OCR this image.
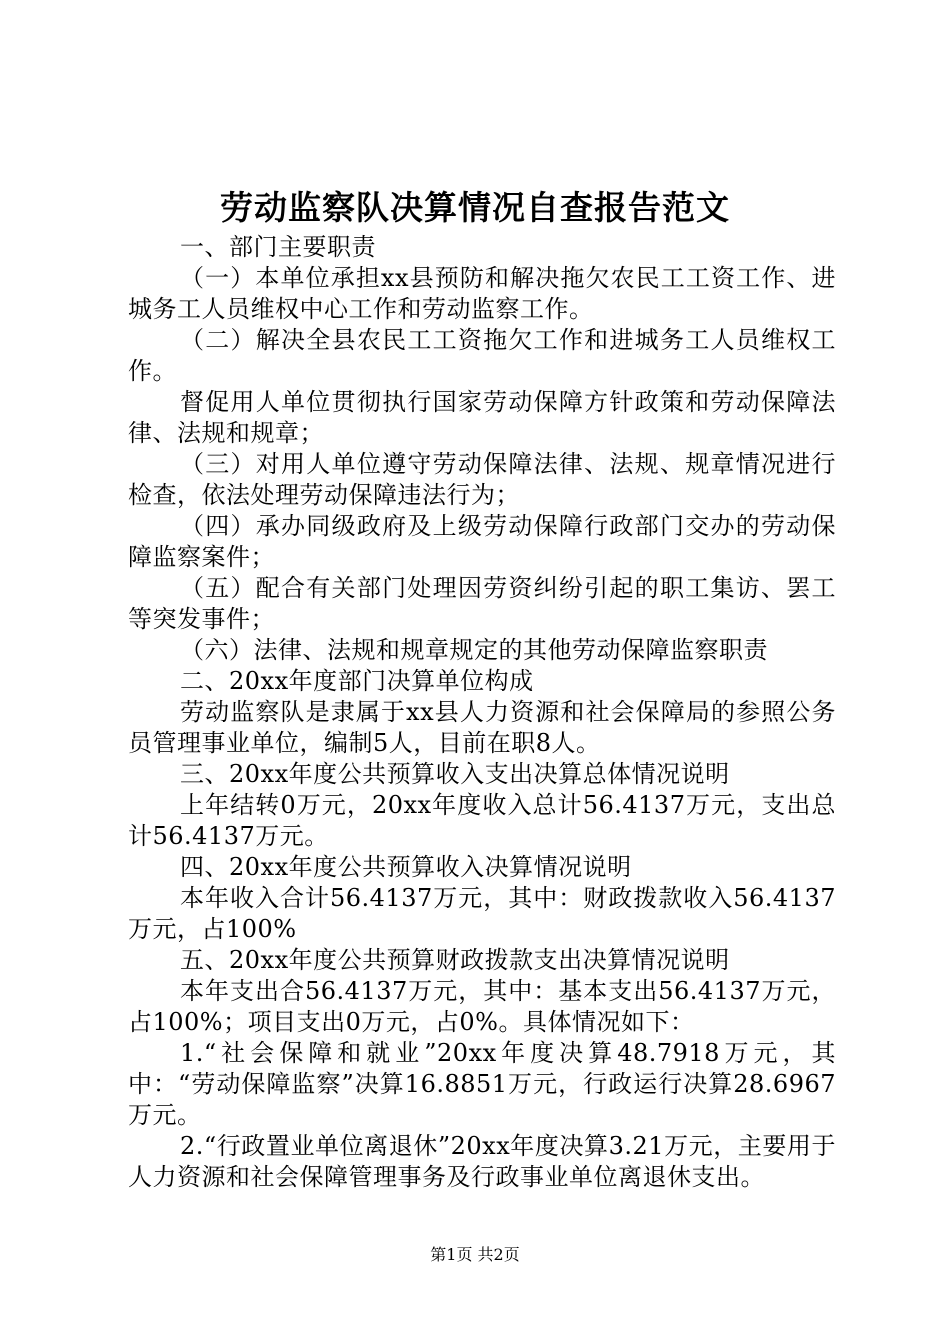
劳动监察队决算情况自查报告范文

一、部门主要职责

（一）本单位承担xx县预防和解决拖欠农民工工资工作、进城务工人员维权中心工作和劳动监察工作。

（二）解决全县农民工工资拖欠工作和进城务工人员维权工作。

督促用人单位贯彻执行国家劳动保障方针政策和劳动保障法律、法规和规章；

（三）对用人单位遵守劳动保障法律、法规、规章情况进行检查，依法处理劳动保障违法行为；

（四）承办同级政府及上级劳动保障行政部门交办的劳动保障监察案件；

（五）配合有关部门处理因劳资纠纷引起的职工集访、罢工等突发事件；

（六）法律、法规和规章规定的其他劳动保障监察职责

二、20xx年度部门决算单位构成

劳动监察队是隶属于xx县人力资源和社会保障局的参照公务员管理事业单位，编制5人，目前在职8人。

三、20xx年度公共预算收入支出决算总体情况说明

上年结转0万元，20xx年度收入总计56.4137万元，支出总计56.4137万元。

四、20xx年度公共预算收入决算情况说明

本年收入合计56.4137万元，其中：财政拨款收入56.4137万元，占100%

五、20xx年度公共预算财政拨款支出决算情况说明

本年支出合56.4137万元，其中：基本支出56.4137万元，占100%；项目支出0万元，占0%。具体情况如下：

1.“社会保障和就业”20xx年度决算48.7918万元，其中：“劳动保障监察”决算16.8851万元，行政运行决算28.6967万元。

2.“行政置业单位离退休”20xx年度决算3.21万元，主要用于人力资源和社会保障管理事务及行政事业单位离退休支出。

第1页 共2页
